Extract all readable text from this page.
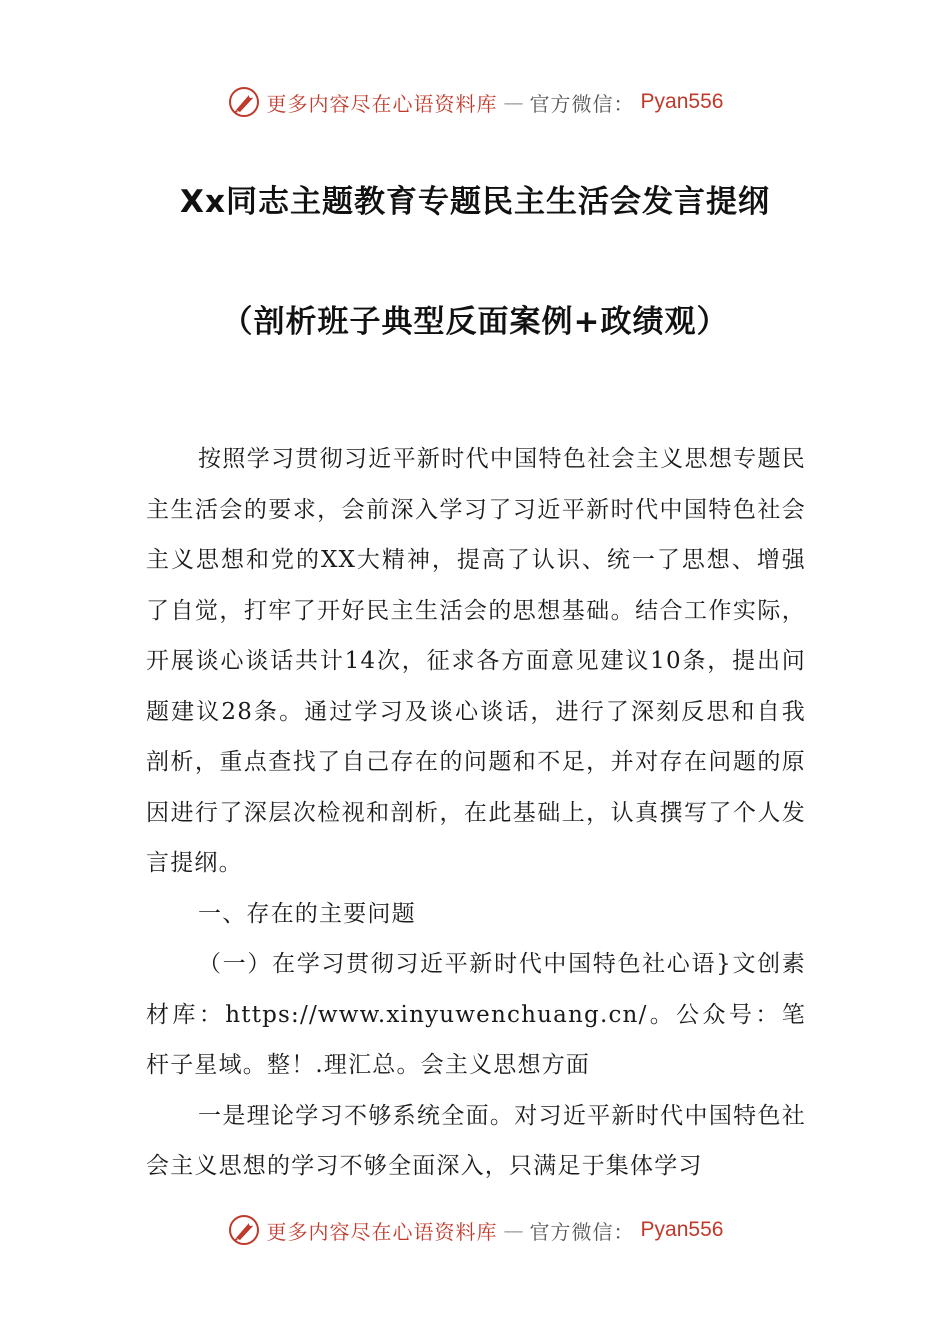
更多内容尽在心语资料库 — 官方微信： Pyan556
Xx同志主题教育专题民主生活会发言提纲
（剖析班子典型反面案例+政绩观）

按照学习贯彻习近平新时代中国特色社会主义思想专题民主生活会的要求，会前深入学习了习近平新时代中国特色社会主义思想和党的XX大精神，提高了认识、统一了思想、增强了自觉，打牢了开好民主生活会的思想基础。结合工作实际，开展谈心谈话共计14次，征求各方面意见建议10条，提出问题建议28条。通过学习及谈心谈话，进行了深刻反思和自我剖析，重点查找了自己存在的问题和不足，并对存在问题的原因进行了深层次检视和剖析，在此基础上，认真撰写了个人发言提纲。

一、存在的主要问题

（一）在学习贯彻习近平新时代中国特色社心语}文创素材库：https://www.xinyuwenchuang.cn/。公众号：笔杆子星域。整！.理汇总。会主义思想方面

一是理论学习不够系统全面。对习近平新时代中国特色社会主义思想的学习不够全面深入，只满足于集体学习

更多内容尽在心语资料库 — 官方微信： Pyan556
